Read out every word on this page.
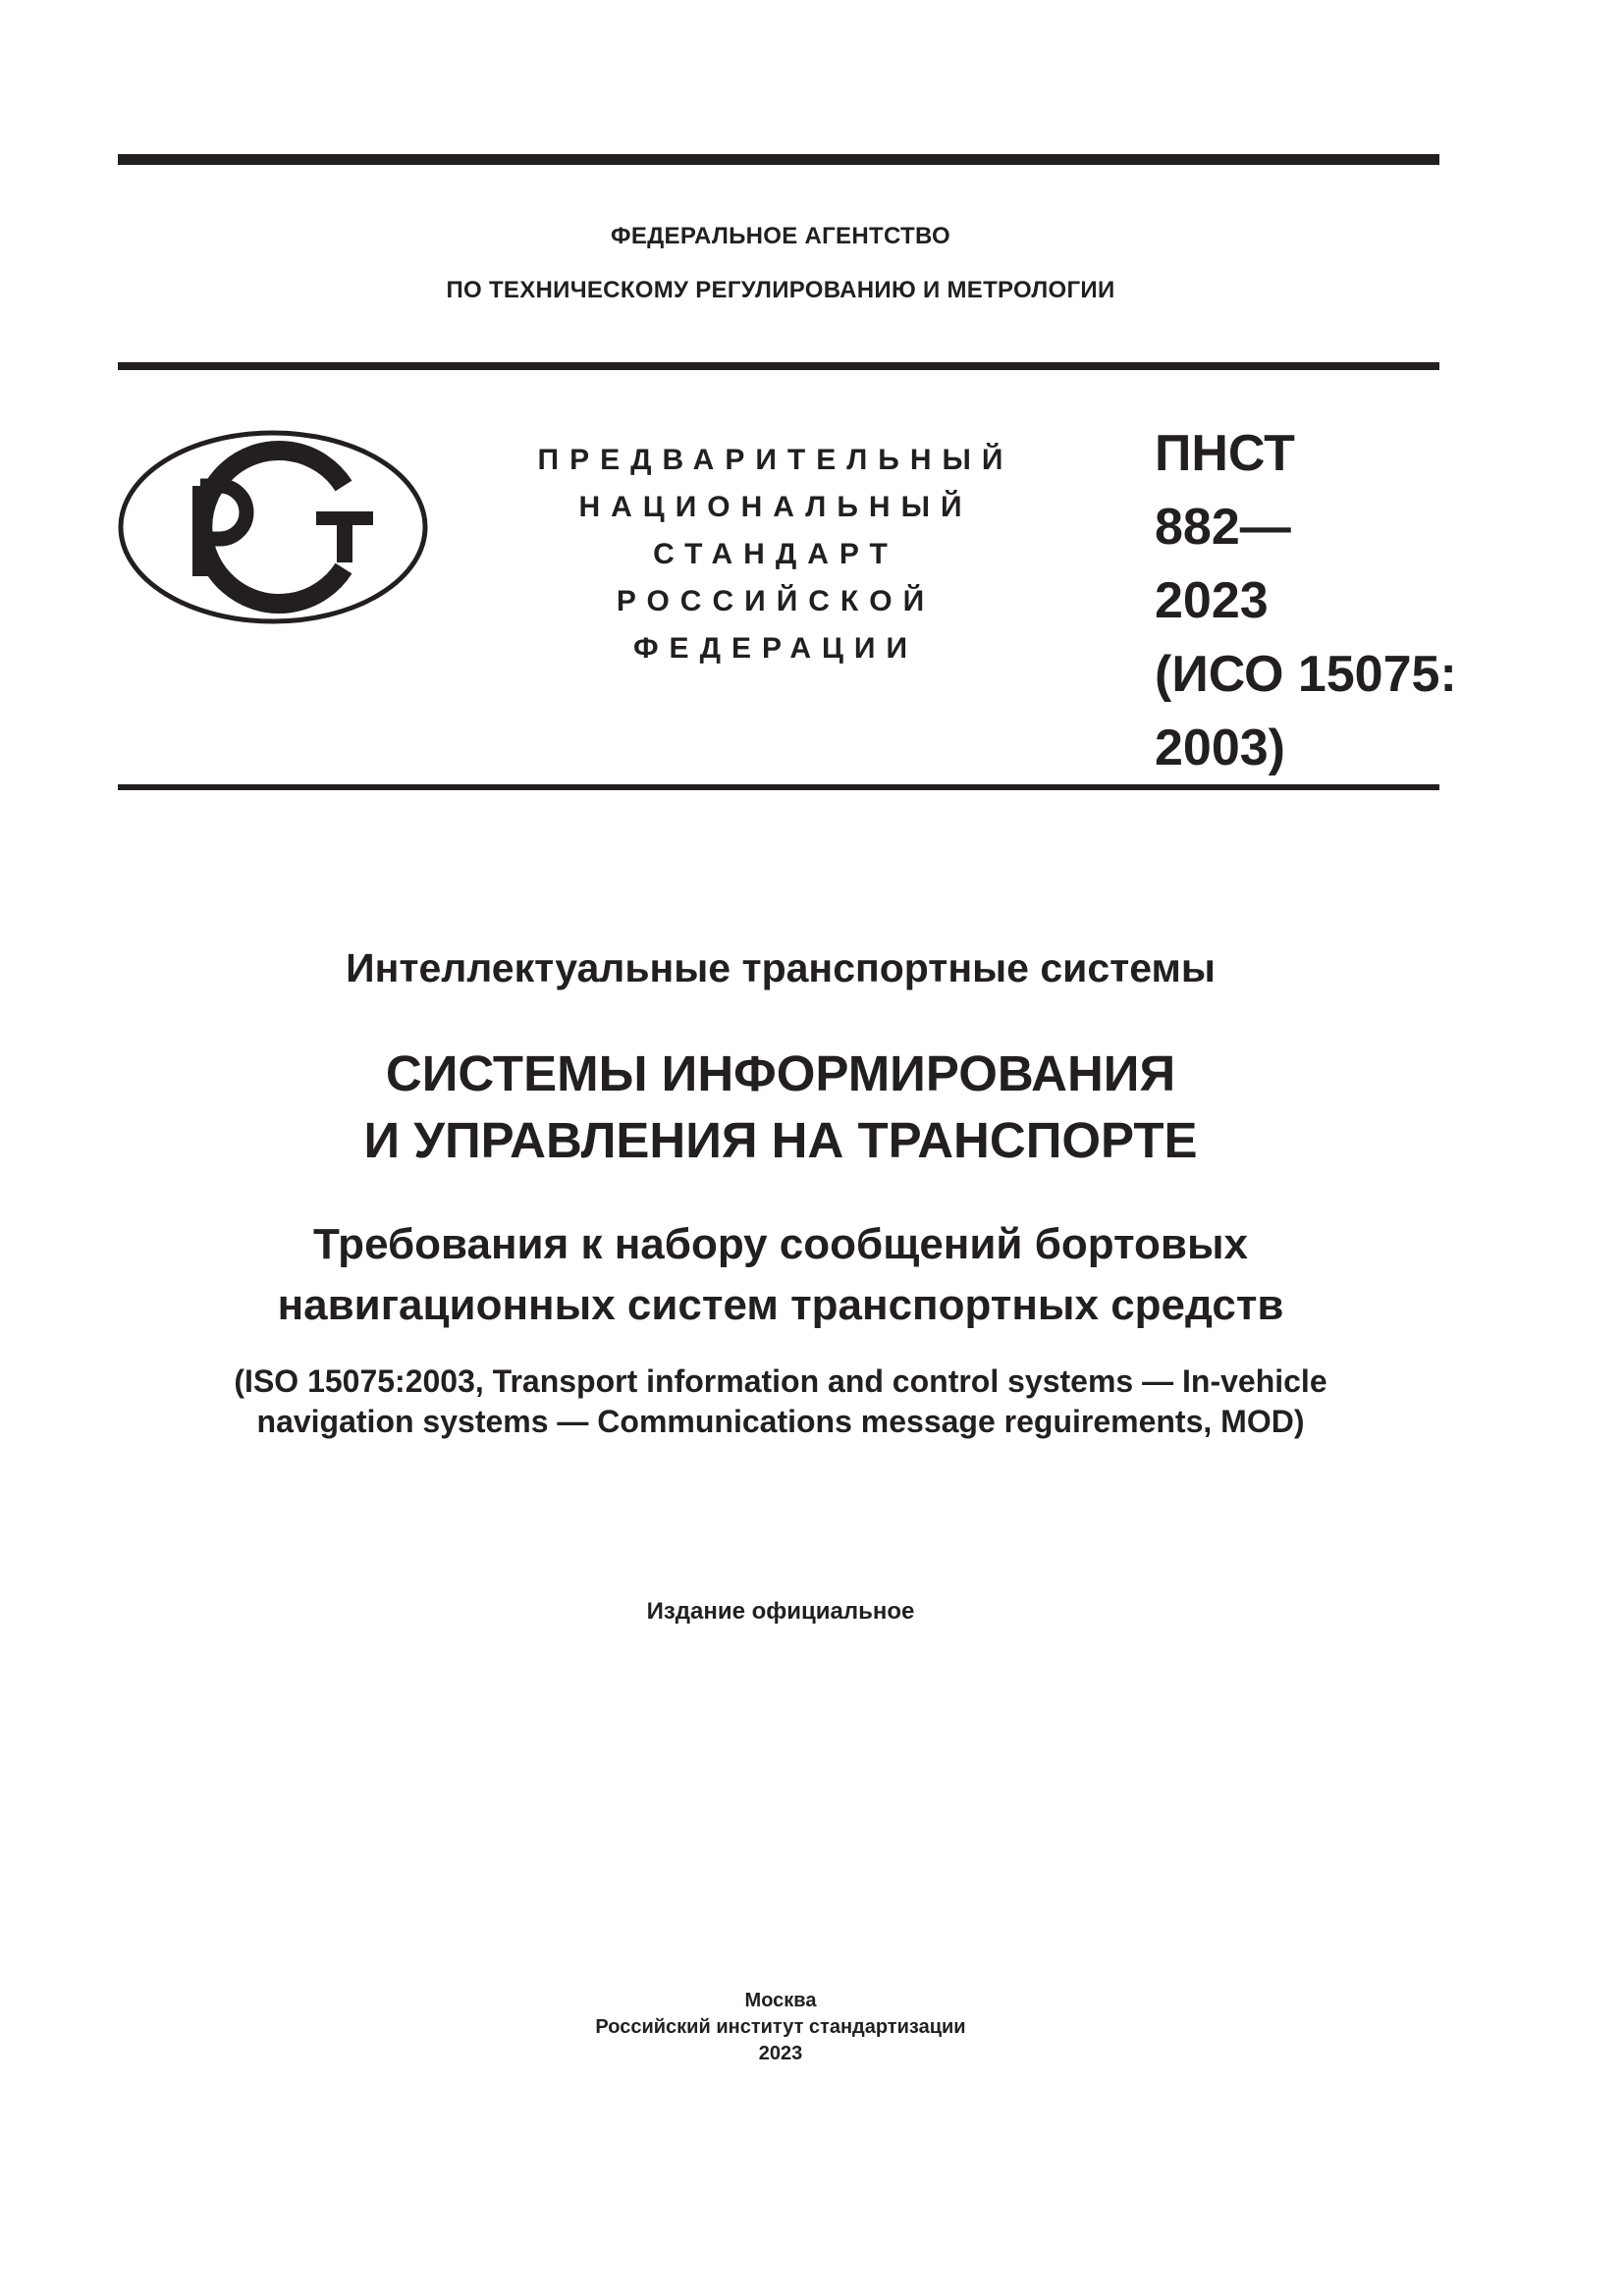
ФЕДЕРАЛЬНОЕ АГЕНТСТВО
ПО ТЕХНИЧЕСКОМУ РЕГУЛИРОВАНИЮ И МЕТРОЛОГИИ
ПРЕДВАРИТЕЛЬНЫЙ
НАЦИОНАЛЬНЫЙ
СТАНДАРТ
РОССИЙСКОЙ
ФЕДЕРАЦИИ
ПНСТ
882—
2023
(ИСО 15075:
2003)
Интеллектуальные транспортные системы
СИСТЕМЫ ИНФОРМИРОВАНИЯ
И УПРАВЛЕНИЯ НА ТРАНСПОРТЕ
Требования к набору сообщений бортовых
навигационных систем транспортных средств
(ISO 15075:2003, Transport information and control systems — In-vehicle
navigation systems — Communications message reguirements, MOD)
Издание официальное
Москва
Российский институт стандартизации
2023
